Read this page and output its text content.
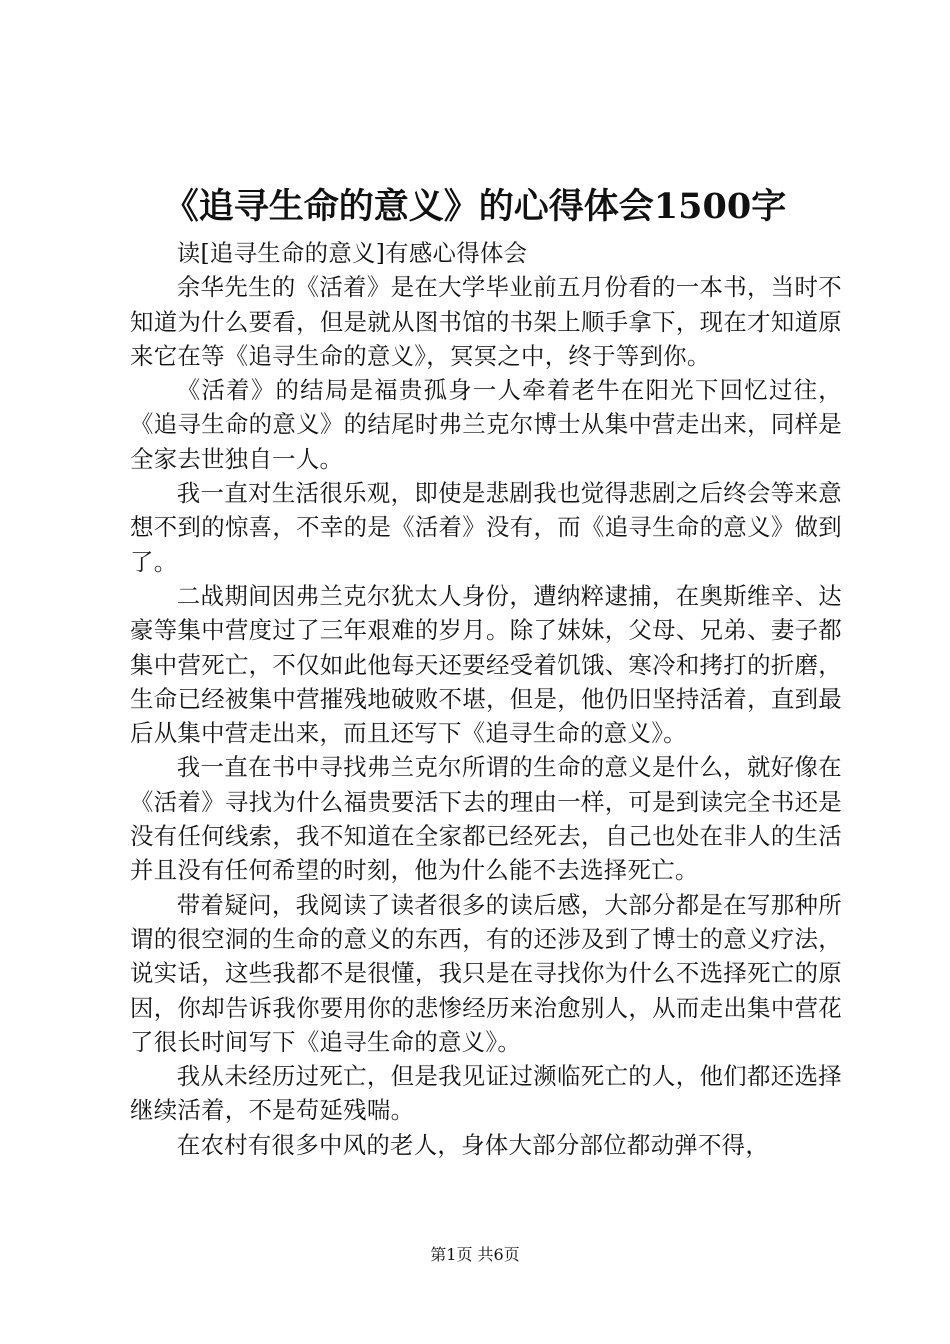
《追寻生命的意义》的心得体会1500字

读[追寻生命的意义]有感心得体会

余华先生的《活着》是在大学毕业前五月份看的一本书，当时不知道为什么要看，但是就从图书馆的书架上顺手拿下，现在才知道原来它在等《追寻生命的意义》，冥冥之中，终于等到你。

《活着》的结局是福贵孤身一人牵着老牛在阳光下回忆过往，《追寻生命的意义》的结尾时弗兰克尔博士从集中营走出来，同样是全家去世独自一人。

我一直对生活很乐观，即使是悲剧我也觉得悲剧之后终会等来意想不到的惊喜，不幸的是《活着》没有，而《追寻生命的意义》做到了。

二战期间因弗兰克尔犹太人身份，遭纳粹逮捕，在奥斯维辛、达豪等集中营度过了三年艰难的岁月。除了妹妹，父母、兄弟、妻子都集中营死亡，不仅如此他每天还要经受着饥饿、寒冷和拷打的折磨，生命已经被集中营摧残地破败不堪，但是，他仍旧坚持活着，直到最后从集中营走出来，而且还写下《追寻生命的意义》。

我一直在书中寻找弗兰克尔所谓的生命的意义是什么，就好像在《活着》寻找为什么福贵要活下去的理由一样，可是到读完全书还是没有任何线索，我不知道在全家都已经死去，自己也处在非人的生活并且没有任何希望的时刻，他为什么能不去选择死亡。

带着疑问，我阅读了读者很多的读后感，大部分都是在写那种所谓的很空洞的生命的意义的东西，有的还涉及到了博士的意义疗法，说实话，这些我都不是很懂，我只是在寻找你为什么不选择死亡的原因，你却告诉我你要用你的悲惨经历来治愈别人，从而走出集中营花了很长时间写下《追寻生命的意义》。

我从未经历过死亡，但是我见证过濒临死亡的人，他们都还选择继续活着，不是苟延残喘。

在农村有很多中风的老人，身体大部分部位都动弹不得，

第1页 共6页
